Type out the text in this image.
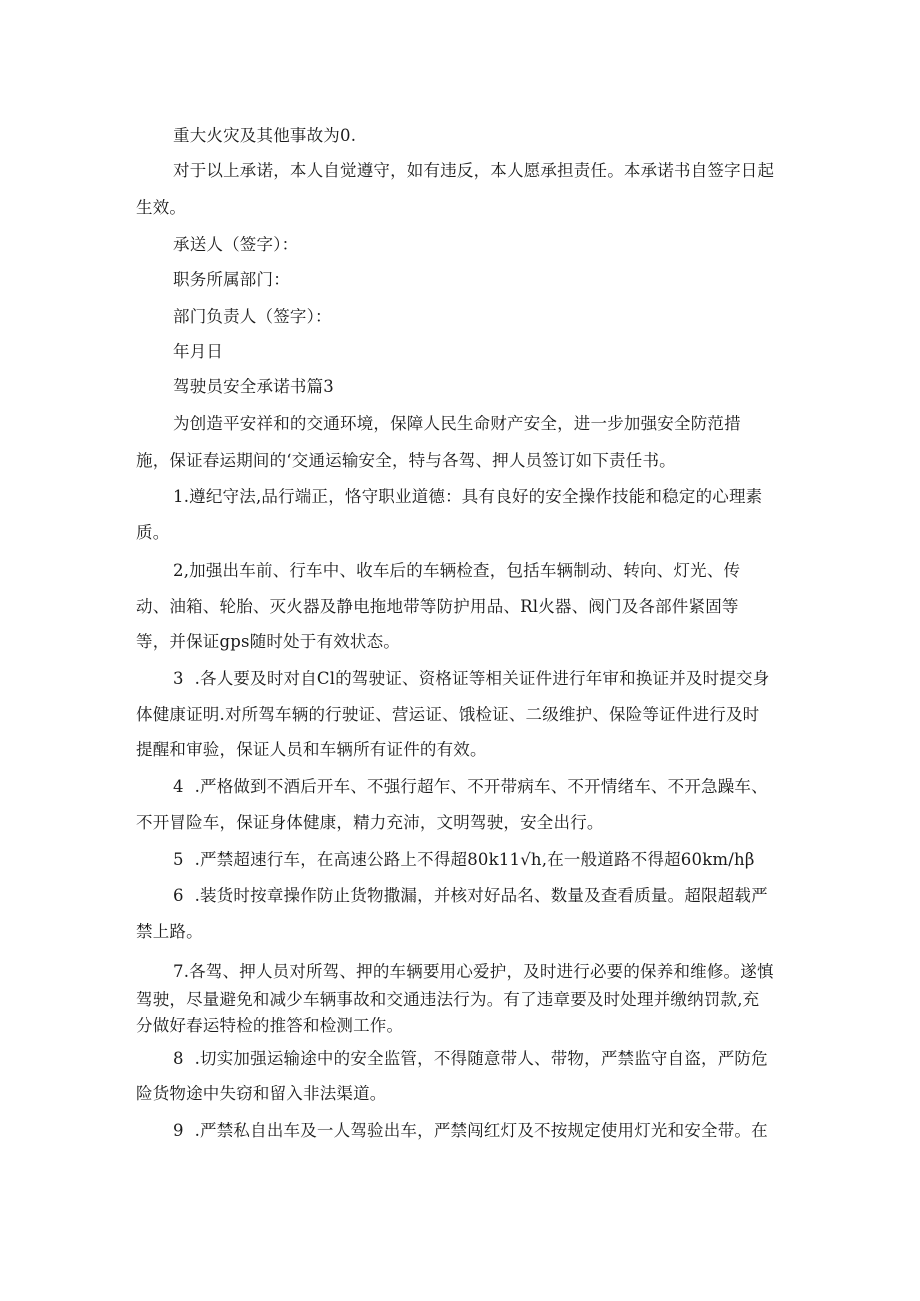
重大火灾及其他事故为0.
对于以上承诺，本人自觉遵守，如有违反，本人愿承担责任。本承诺书自签字日起
生效。
承送人（签字）：
职务所属部门：
部门负责人（签字）：
年月日
驾驶员安全承诺书篇3
为创造平安祥和的交通环境，保障人民生命财产安全，进一步加强安全防范措
施，保证春运期间的‘交通运输安全，特与各驾、押人员签订如下责任书。
1.遵纪守法,品行端正，恪守职业道德：具有良好的安全操作技能和稳定的心理素
质。
2,加强出车前、行车中、收车后的车辆检查，包括车辆制动、转向、灯光、传
动、油箱、轮胎、灭火器及静电拖地带等防护用品、Rl火器、阀门及各部件紧固等
等，并保证gps随时处于有效状态。
3  .各人要及时对自Cl的驾驶证、资格证等相关证件进行年审和换证并及时提交身
体健康证明.对所驾车辆的行驶证、营运证、饿检证、二级维护、保险等证件进行及时
提醒和审验，保证人员和车辆所有证件的有效。
4  .严格做到不酒后开车、不强行超乍、不开带病车、不开情绪车、不开急躁车、
不开冒险车，保证身体健康，精力充沛，文明驾驶，安全出行。
5  .严禁超速行车，在高速公路上不得超80k11√h,在一般道路不得超60km/hβ
6  .装货时按章操作防止货物撒漏，并核对好品名、数量及查看质量。超限超载严
禁上路。
7.各驾、押人员对所驾、押的车辆要用心爱护，及时进行必要的保养和维修。遂慎
驾驶，尽量避免和减少车辆事故和交通违法行为。有了违章要及时处理并缴纳罚款,充
分做好春运特检的推答和检测工作。
8  .切实加强运输途中的安全监管，不得随意带人、带物，严禁监守自盗，严防危
险货物途中失窃和留入非法渠道。
9  .严禁私自出车及一人驾验出车，严禁闯红灯及不按规定使用灯光和安全带。在
